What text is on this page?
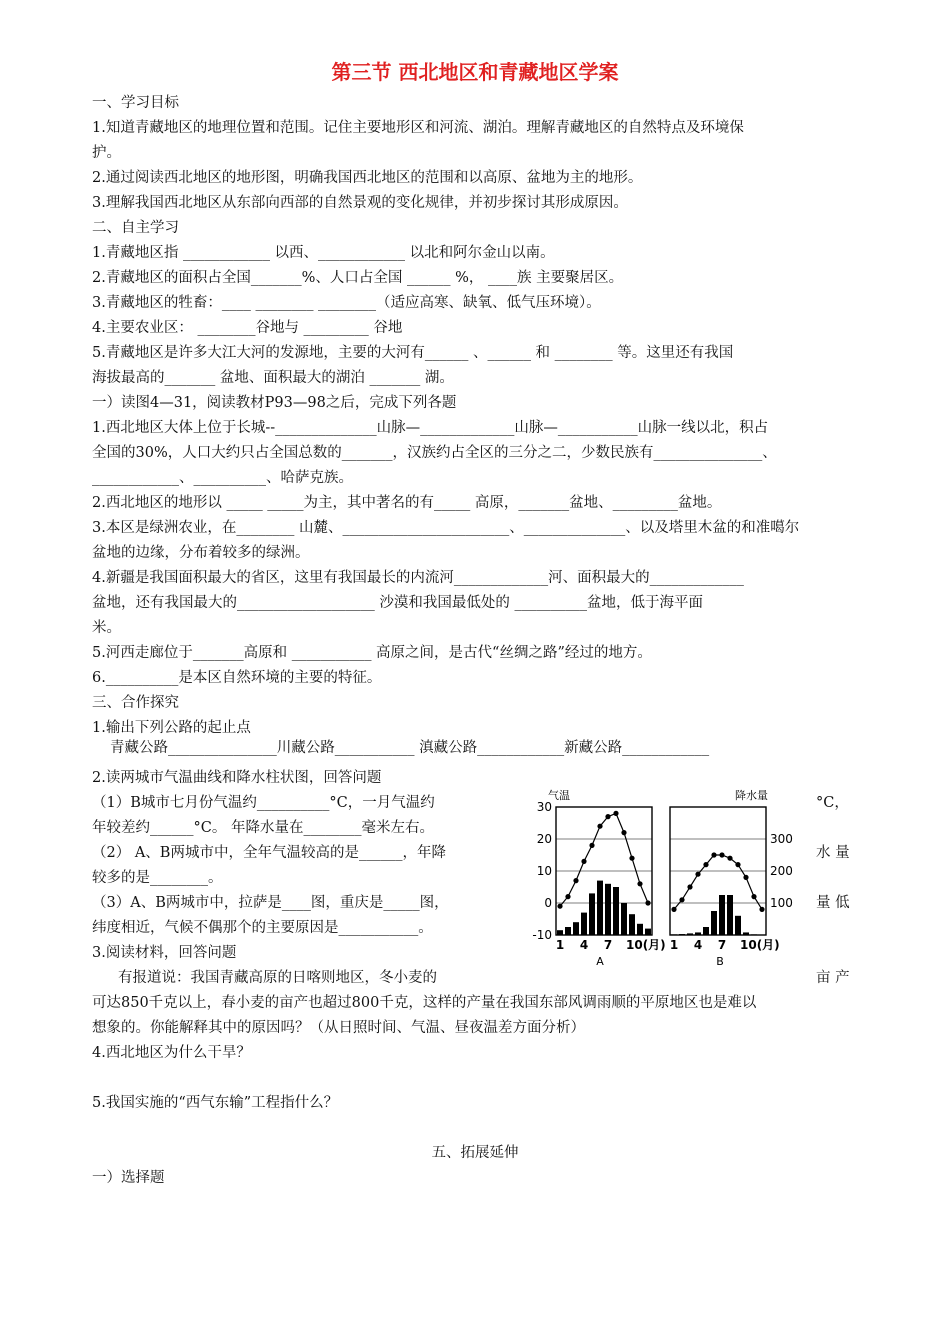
第三节 西北地区和青藏地区学案
一、学习目标
1.知道青藏地区的地理位置和范围。记住主要地形区和河流、湖泊。理解青藏地区的自然特点及环境保
护。
2.通过阅读西北地区的地形图，明确我国西北地区的范围和以高原、盆地为主的地形。
3.理解我国西北地区从东部向西部的自然景观的变化规律，并初步探讨其形成原因。
二、自主学习
1.青藏地区指 ____________ 以西、____________ 以北和阿尔金山以南。
2.青藏地区的面积占全国_______%、人口占全国 ______ %， ____族 主要聚居区。
3.青藏地区的牲畜：____ ________ ________（适应高寒、缺氧、低气压环境）。
4.主要农业区： ________谷地与 _________ 谷地
5.青藏地区是许多大江大河的发源地，主要的大河有______ 、______ 和 ________ 等。这里还有我国
海拔最高的_______ 盆地、面积最大的湖泊 _______ 湖。
一）读图4—31，阅读教材P93—98之后，完成下列各题
1.西北地区大体上位于长城--______________山脉—_____________山脉—___________山脉一线以北，积占
全国的30%，人口大约只占全国总数的_______，汉族约占全区的三分之二，少数民族有_______________、
____________、__________、哈萨克族。
2.西北地区的地形以 _____ _____为主，其中著名的有_____ 高原，_______盆地、_________盆地。
3.本区是绿洲农业，在________ 山麓、_______________________、______________、以及塔里木盆的和准噶尔
盆地的边缘，分布着较多的绿洲。
4.新疆是我国面积最大的省区，这里有我国最长的内流河_____________河、面积最大的_____________
盆地，还有我国最大的___________________ 沙漠和我国最低处的 __________盆地，低于海平面
米。
5.河西走廊位于_______高原和 ___________ 高原之间，是古代“丝绸之路”经过的地方。
6.__________是本区自然环境的主要的特征。
三、合作探究
1.输出下列公路的起止点
青藏公路_______________川藏公路___________ 滇藏公路____________新藏公路____________
2.读两城市气温曲线和降水柱状图，回答问题
（1）B城市七月份气温约__________°C，一月气温约
年较差约______°C。 年降水量在________毫米左右。
（2） A、B两城市中，全年气温较高的是______，年降
较多的是________。
（3）A、B两城市中，拉萨是____图，重庆是_____图，
纬度相近，气候不偶那个的主要原因是___________。
3.阅读材料，回答问题
有报道说：我国青藏高原的日喀则地区，冬小麦的
可达850千克以上，春小麦的亩产也超过800千克，这样的产量在我国东部风调雨顺的平原地区也是难以
想象的。你能解释其中的原因吗？（从日照时间、气温、昼夜温差方面分析）
4.西北地区为什么干旱？
5.我国实施的“西气东输”工程指什么？
五、拓展延伸
一）选择题
°C，
水 量
量 低
亩 产
气温	降水量
-10
0
10
20
30
1 4 7 10(月)
100
200
300
1 4 7 10(月)
A	B
